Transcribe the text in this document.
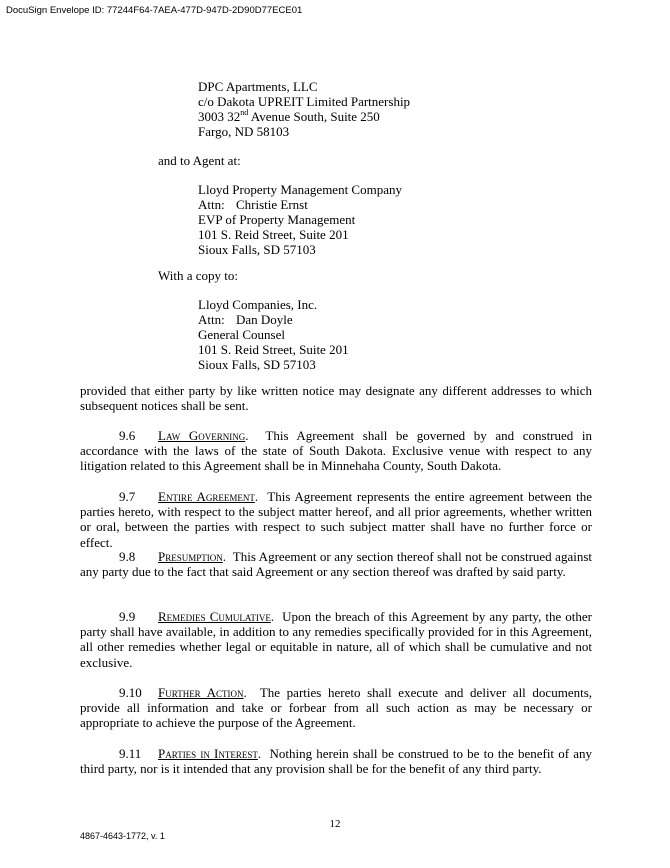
DocuSign Envelope ID: 77244F64-7AEA-477D-947D-2D90D77ECE01
DPC Apartments, LLC
c/o Dakota UPREIT Limited Partnership
3003 32nd Avenue South, Suite 250
Fargo, ND 58103
and to Agent at:
Lloyd Property Management Company
Attn: Christie Ernst
EVP of Property Management
101 S. Reid Street, Suite 201
Sioux Falls, SD 57103
With a copy to:
Lloyd Companies, Inc.
Attn: Dan Doyle
General Counsel
101 S. Reid Street, Suite 201
Sioux Falls, SD 57103
provided that either party by like written notice may designate any different addresses to which subsequent notices shall be sent.
9.6 Law Governing.  This Agreement shall be governed by and construed in accordance with the laws of the state of South Dakota. Exclusive venue with respect to any litigation related to this Agreement shall be in Minnehaha County, South Dakota.
9.7 Entire Agreement.  This Agreement represents the entire agreement between the parties hereto, with respect to the subject matter hereof, and all prior agreements, whether written or oral, between the parties with respect to such subject matter shall have no further force or effect.
9.8 Presumption.  This Agreement or any section thereof shall not be construed against any party due to the fact that said Agreement or any section thereof was drafted by said party.
9.9 Remedies Cumulative.  Upon the breach of this Agreement by any party, the other party shall have available, in addition to any remedies specifically provided for in this Agreement, all other remedies whether legal or equitable in nature, all of which shall be cumulative and not exclusive.
9.10 Further Action.  The parties hereto shall execute and deliver all documents, provide all information and take or forbear from all such action as may be necessary or appropriate to achieve the purpose of the Agreement.
9.11 Parties in Interest.  Nothing herein shall be construed to be to the benefit of any third party, nor is it intended that any provision shall be for the benefit of any third party.
12
4867-4643-1772, v. 1
